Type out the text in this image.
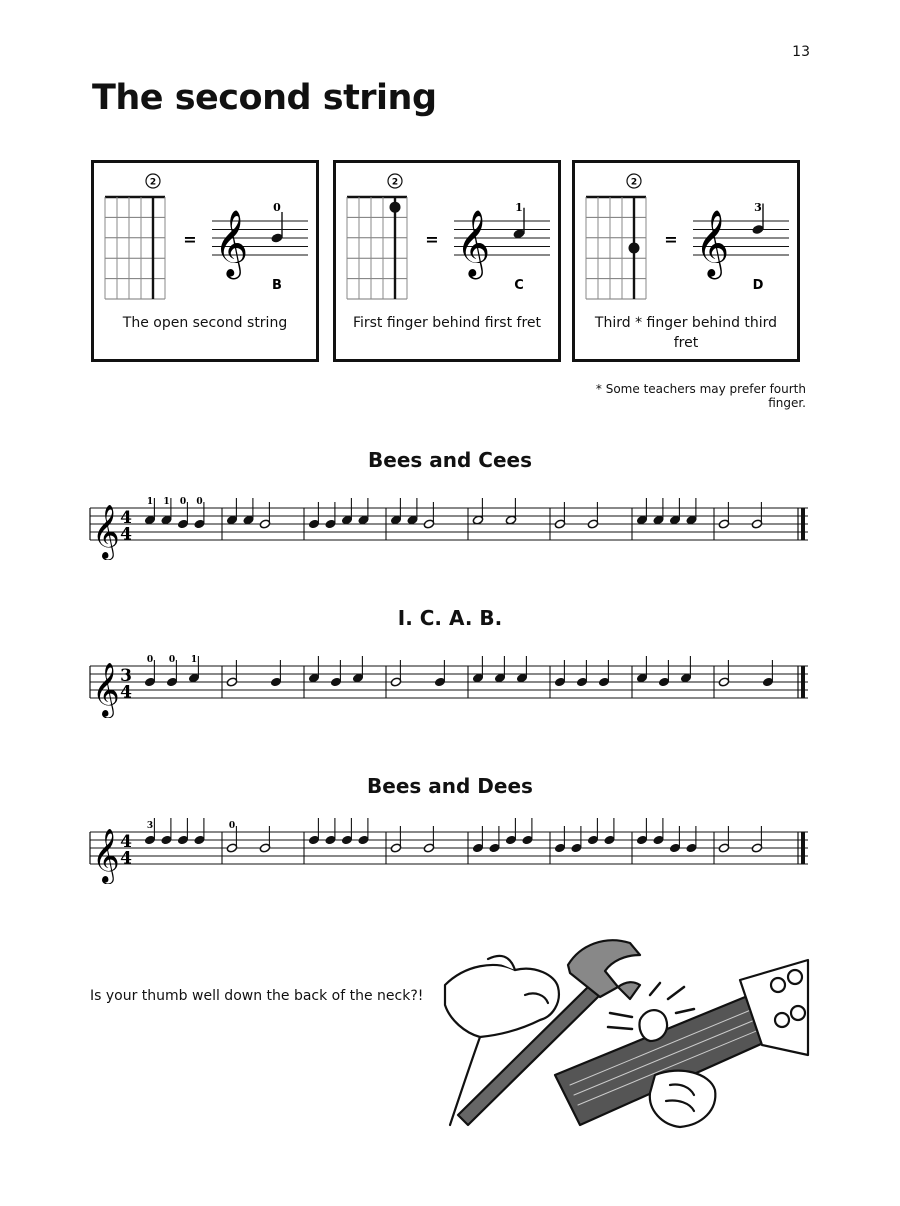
13
The second string
2
= 𝄞
0
B
The open second string
2
= 𝄞
1
C
First finger behind first fret
2
= 𝄞
3
D
Third * finger behind third fret
* Some teachers may prefer fourth finger.
Bees and Cees
𝄞 4
4
1 1 0 0
I. C. A. B.
𝄞 3
4
0 0 1
Bees and Dees
𝄞 4
4
3	0
Is your thumb well down the back of the neck?!
